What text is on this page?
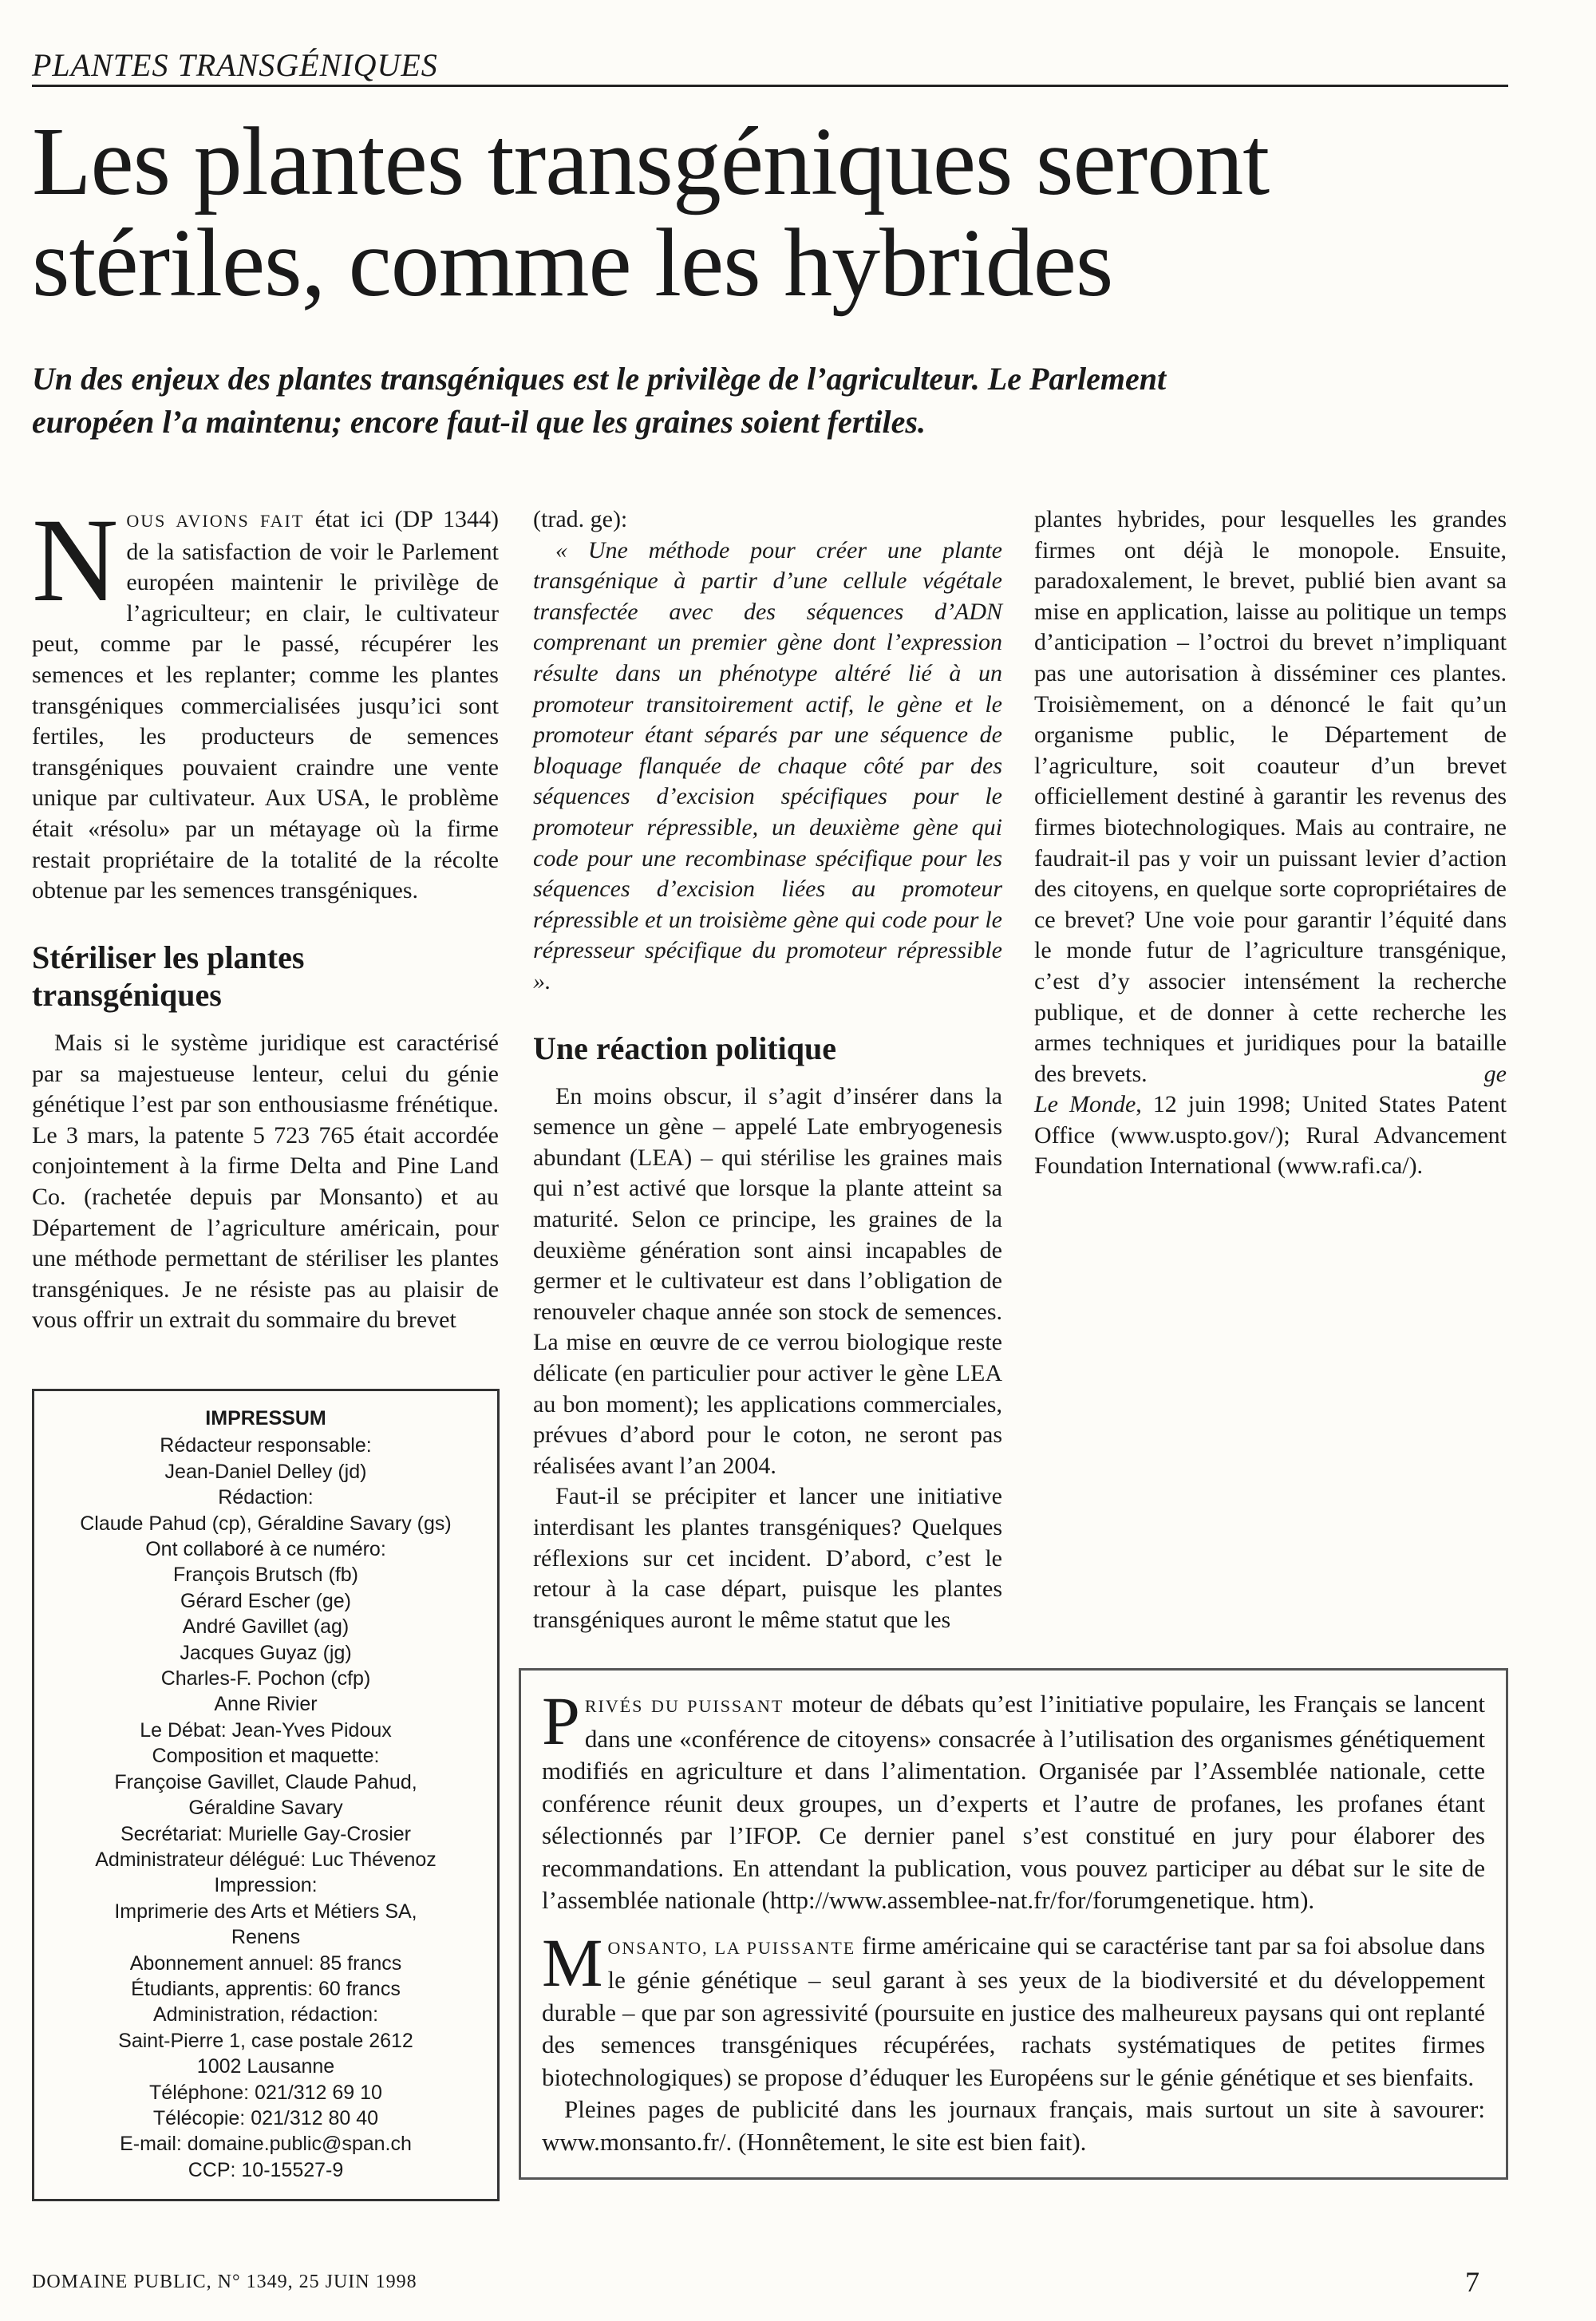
PLANTES TRANSGÉNIQUES
Les plantes transgéniques seront stériles, comme les hybrides

Un des enjeux des plantes transgéniques est le privilège de l’agriculteur. Le Parlement européen l’a maintenu; encore faut-il que les graines soient fertiles.

NOUS AVIONS FAIT état ici (DP 1344) de la satisfaction de voir le Parlement européen maintenir le privilège de l’agriculteur; en clair, le cultivateur peut, comme par le passé, récupérer les semences et les replanter; comme les plantes transgéniques commercialisées jusqu’ici sont fertiles, les producteurs de semences transgéniques pouvaient craindre une vente unique par cultivateur. Aux USA, le problème était «résolu» par un métayage où la firme restait propriétaire de la totalité de la récolte obtenue par les semences transgéniques.

Stériliser les plantes transgéniques

Mais si le système juridique est caractérisé par sa majestueuse lenteur, celui du génie génétique l’est par son enthousiasme frénétique. Le 3 mars, la patente 5 723 765 était accordée conjointement à la firme Delta and Pine Land Co. (rachetée depuis par Monsanto) et au Département de l’agriculture américain, pour une méthode permettant de stériliser les plantes transgéniques. Je ne résiste pas au plaisir de vous offrir un extrait du sommaire du brevet

(trad. ge):

« Une méthode pour créer une plante transgénique à partir d’une cellule végétale transfectée avec des séquences d’ADN comprenant un premier gène dont l’expression résulte dans un phénotype altéré lié à un promoteur transitoirement actif, le gène et le promoteur étant séparés par une séquence de bloquage flanquée de chaque côté par des séquences d’excision spécifiques pour le promoteur répressible, un deuxième gène qui code pour une recombinase spécifique pour les séquences d’excision liées au promoteur répressible et un troisième gène qui code pour le répresseur spécifique du promoteur répressible ».

Une réaction politique

En moins obscur, il s’agit d’insérer dans la semence un gène – appelé Late embryogenesis abundant (LEA) – qui stérilise les graines mais qui n’est activé que lorsque la plante atteint sa maturité. Selon ce principe, les graines de la deuxième génération sont ainsi incapables de germer et le cultivateur est dans l’obligation de renouveler chaque année son stock de semences. La mise en œuvre de ce verrou biologique reste délicate (en particulier pour activer le gène LEA au bon moment); les applications commerciales, prévues d’abord pour le coton, ne seront pas réalisées avant l’an 2004.

Faut-il se précipiter et lancer une initiative interdisant les plantes transgéniques? Quelques réflexions sur cet incident. D’abord, c’est le retour à la case départ, puisque les plantes transgéniques auront le même statut que les

plantes hybrides, pour lesquelles les grandes firmes ont déjà le monopole. Ensuite, paradoxalement, le brevet, publié bien avant sa mise en application, laisse au politique un temps d’anticipation – l’octroi du brevet n’impliquant pas une autorisation à disséminer ces plantes. Troisièmement, on a dénoncé le fait qu’un organisme public, le Département de l’agriculture, soit coauteur d’un brevet officiellement destiné à garantir les revenus des firmes biotechnologiques. Mais au contraire, ne faudrait-il pas y voir un puissant levier d’action des citoyens, en quelque sorte copropriétaires de ce brevet? Une voie pour garantir l’équité dans le monde futur de l’agriculture transgénique, c’est d’y associer intensément la recherche publique, et de donner à cette recherche les armes techniques et juridiques pour la bataille des brevets.	ge

Le Monde, 12 juin 1998; United States Patent Office (www.uspto.gov/); Rural Advancement Foundation International (www.rafi.ca/).

IMPRESSUM
Rédacteur responsable:
Jean-Daniel Delley (jd)
Rédaction:
Claude Pahud (cp), Géraldine Savary (gs)
Ont collaboré à ce numéro:
François Brutsch (fb)
Gérard Escher (ge)
André Gavillet (ag)
Jacques Guyaz (jg)
Charles-F. Pochon (cfp)
Anne Rivier
Le Débat: Jean-Yves Pidoux
Composition et maquette:
Françoise Gavillet, Claude Pahud,
Géraldine Savary
Secrétariat: Murielle Gay-Crosier
Administrateur délégué: Luc Thévenoz
Impression:
Imprimerie des Arts et Métiers SA,
Renens
Abonnement annuel: 85 francs
Étudiants, apprentis: 60 francs
Administration, rédaction:
Saint-Pierre 1, case postale 2612
1002 Lausanne
Téléphone: 021/312 69 10
Télécopie: 021/312 80 40
E-mail: domaine.public@span.ch
CCP: 10-15527-9

PRIVÉS DU PUISSANT moteur de débats qu’est l’initiative populaire, les Français se lancent dans une «conférence de citoyens» consacrée à l’utilisation des organismes génétiquement modifiés en agriculture et dans l’alimentation. Organisée par l’Assemblée nationale, cette conférence réunit deux groupes, un d’experts et l’autre de profanes, les profanes étant sélectionnés par l’IFOP. Ce dernier panel s’est constitué en jury pour élaborer des recommandations. En attendant la publication, vous pouvez participer au débat sur le site de l’assemblée nationale (http://www.assemblee-nat.fr/for/forumgenetique. htm).

MONSANTO, LA PUISSANTE firme américaine qui se caractérise tant par sa foi absolue dans le génie génétique – seul garant à ses yeux de la biodiversité et du développement durable – que par son agressivité (poursuite en justice des malheureux paysans qui ont replanté des semences transgéniques récupérées, rachats systématiques de petites firmes biotechnologiques) se propose d’éduquer les Européens sur le génie génétique et ses bienfaits.

Pleines pages de publicité dans les journaux français, mais surtout un site à savourer: www.monsanto.fr/. (Honnêtement, le site est bien fait).

DOMAINE PUBLIC, N° 1349, 25 JUIN 1998	7
